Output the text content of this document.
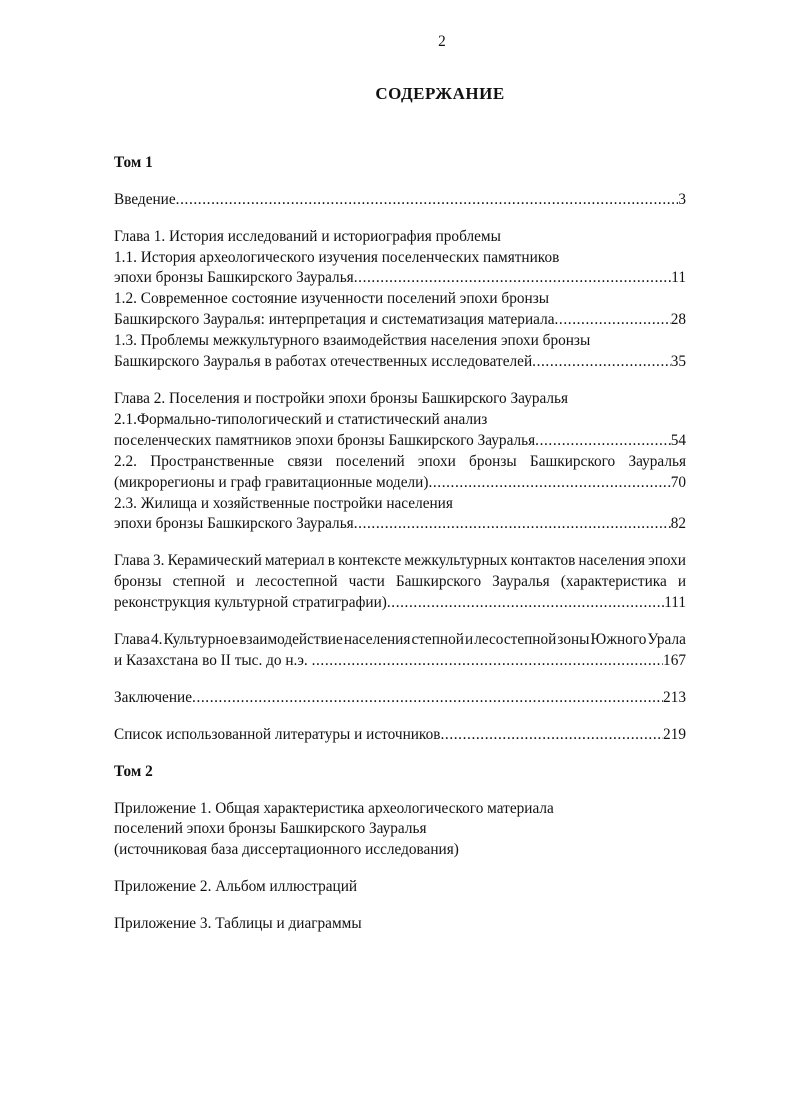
2
СОДЕРЖАНИЕ
Том 1
Введение .....	3
Глава 1. История исследований и историография проблемы
1.1. История археологического изучения поселенческих памятников
эпохи бронзы Башкирского Зауралья .....	11
1.2. Современное состояние изученности поселений эпохи бронзы
Башкирского Зауралья: интерпретация и систематизация материала .....	28
1.3. Проблемы межкультурного взаимодействия населения эпохи бронзы
Башкирского Зауралья в работах отечественных исследователей .....	35
Глава 2. Поселения и постройки эпохи бронзы Башкирского Зауралья
2.1.Формально-типологический и статистический анализ
поселенческих памятников эпохи бронзы Башкирского Зауралья .....	54
2.2. Пространственные связи поселений эпохи бронзы Башкирского Зауралья
(микрорегионы и граф гравитационные модели) .....	70
2.3. Жилища и хозяйственные постройки населения
эпохи бронзы Башкирского Зауралья .....	82
Глава 3. Керамический материал в контексте межкультурных контактов населения эпохи
бронзы степной и лесостепной части Башкирского Зауралья (характеристика и
реконструкция культурной стратиграфии) .....	111
Глава 4. Культурное взаимодействие населения степной и лесостепной зоны Южного Урала
и Казахстана во II тыс. до н.э. .....	167
Заключение .....	213
Список использованной литературы и источников .....	219
Том 2
Приложение 1. Общая характеристика археологического материала
поселений эпохи бронзы Башкирского Зауралья
(источниковая база диссертационного исследования)
Приложение 2. Альбом иллюстраций
Приложение 3. Таблицы и диаграммы
